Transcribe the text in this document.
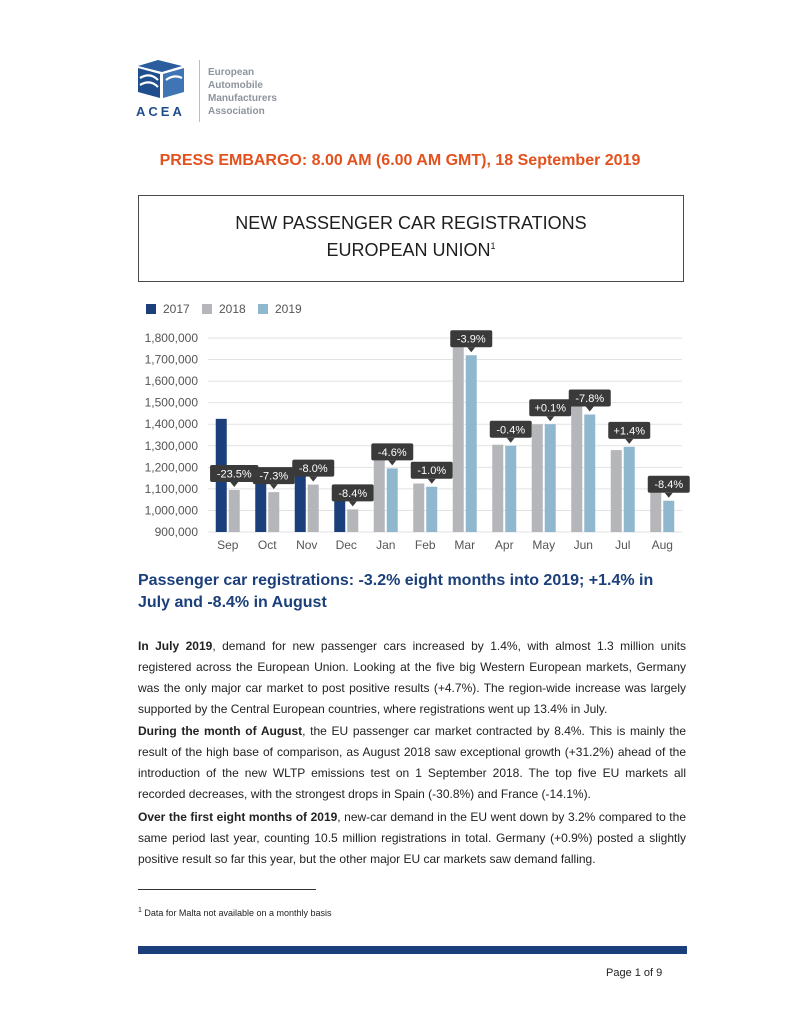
ACEA
European
Automobile
Manufacturers
Association
PRESS EMBARGO: 8.00 AM (6.00 AM GMT), 18 September 2019
NEW PASSENGER CAR REGISTRATIONS
EUROPEAN UNION$^1$
2017 2018 2019
900,000
1,000,000
1,100,000
1,200,000
1,300,000
1,400,000
1,500,000
1,600,000
1,700,000
1,800,000
Sep
-23.5%
Oct
-7.3%
Nov
-8.0%
Dec
-8.4%
Jan
-4.6%
Feb
-1.0%
Mar
-3.9%
Apr
-0.4%
May
+0.1%
Jun
-7.8%
Jul
+1.4%
Aug
-8.4%
Passenger car registrations: -3.2% eight months into 2019; +1.4% in July and -8.4% in August

In July 2019, demand for new passenger cars increased by 1.4%, with almost 1.3 million units registered across the European Union. Looking at the five big Western European markets, Germany was the only major car market to post positive results (+4.7%). The region-wide increase was largely supported by the Central European countries, where registrations went up 13.4% in July.

During the month of August, the EU passenger car market contracted by 8.4%. This is mainly the result of the high base of comparison, as August 2018 saw exceptional growth (+31.2%) ahead of the introduction of the new WLTP emissions test on 1 September 2018. The top five EU markets all recorded decreases, with the strongest drops in Spain (-30.8%) and France (-14.1%).

Over the first eight months of 2019, new-car demand in the EU went down by 3.2% compared to the same period last year, counting 10.5 million registrations in total. Germany (+0.9%) posted a slightly positive result so far this year, but the other major EU car markets saw demand falling.

$^1$ Data for Malta not available on a monthly basis
Page 1 of 9
